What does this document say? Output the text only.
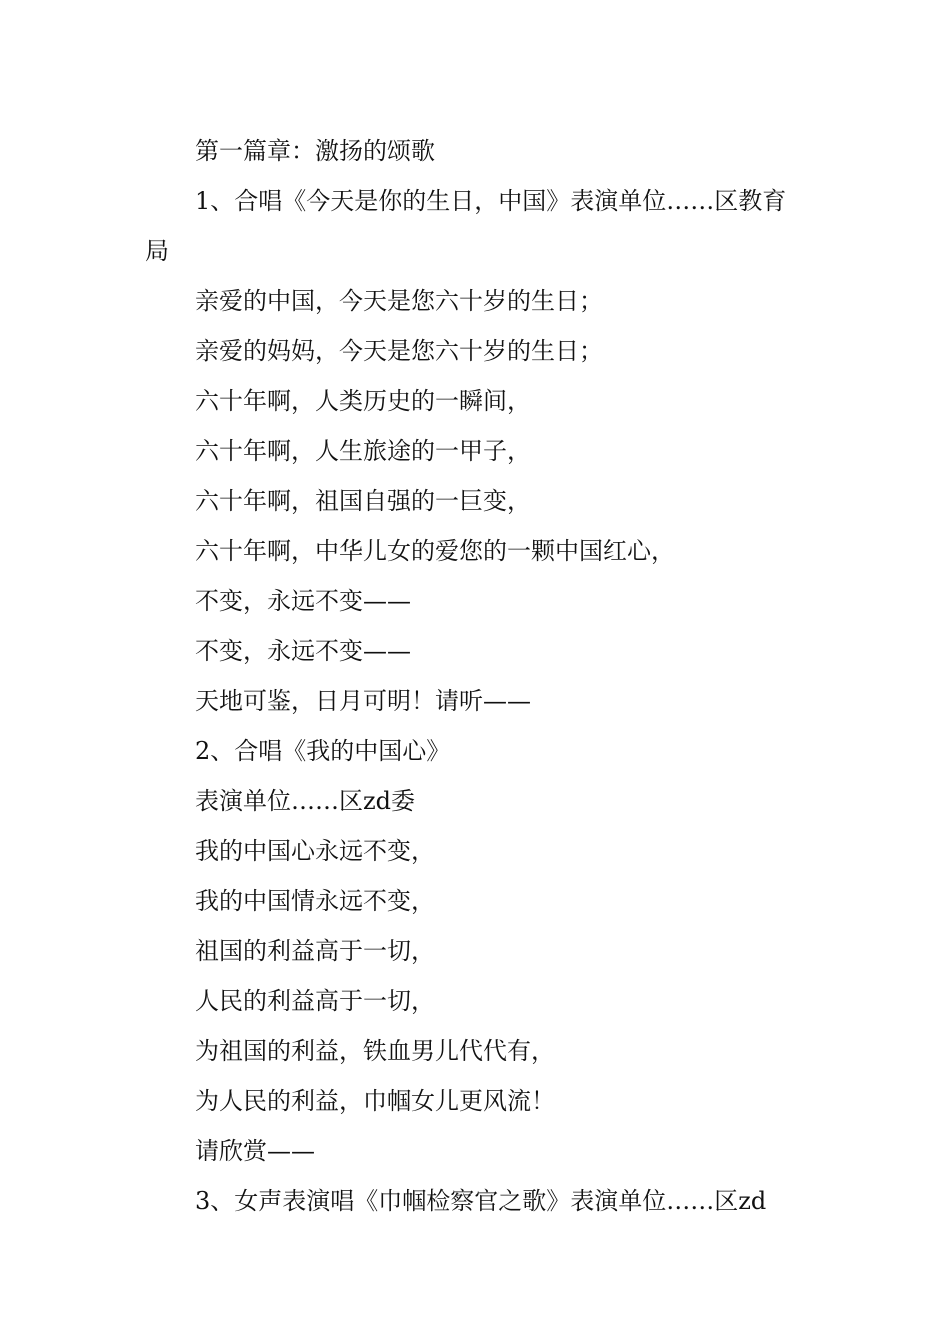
第一篇章：激扬的颂歌

1、合唱《今天是你的生日，中国》表演单位……区教育局

亲爱的中国，今天是您六十岁的生日；

亲爱的妈妈，今天是您六十岁的生日；

六十年啊，人类历史的一瞬间，

六十年啊，人生旅途的一甲子，

六十年啊，祖国自强的一巨变，

六十年啊，中华儿女的爱您的一颗中国红心，

不变，永远不变——

不变，永远不变——

天地可鉴，日月可明！请听——

2、合唱《我的中国心》

表演单位……区zd委

我的中国心永远不变，

我的中国情永远不变，

祖国的利益高于一切，

人民的利益高于一切，

为祖国的利益，铁血男儿代代有，

为人民的利益，巾帼女儿更风流！

请欣赏——

3、女声表演唱《巾帼检察官之歌》表演单位……区zd
